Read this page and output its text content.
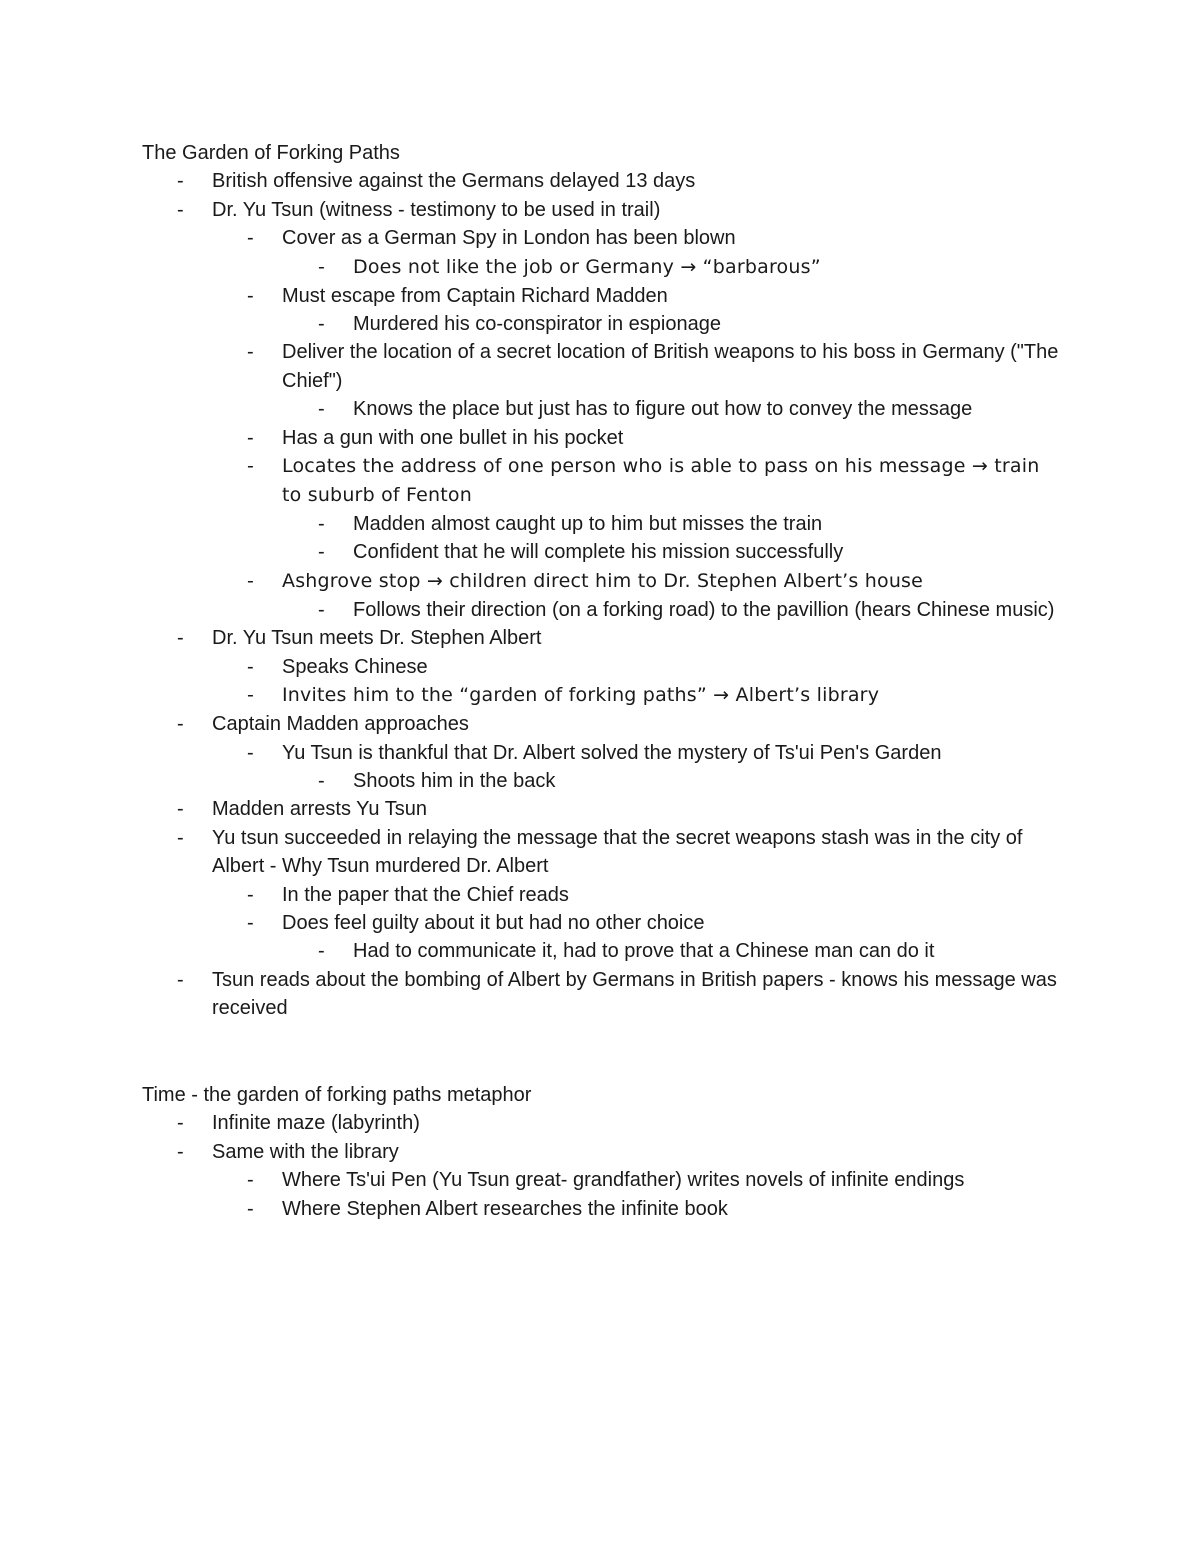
The Garden of Forking Paths
- British offensive against the Germans delayed 13 days
- Dr. Yu Tsun (witness - testimony to be used in trail)
- Cover as a German Spy in London has been blown
- Does not like the job or Germany → “barbarous”
- Must escape from Captain Richard Madden
- Murdered his co-conspirator in espionage
- Deliver the location of a secret location of British weapons to his boss in Germany ("The Chief")
- Knows the place but just has to figure out how to convey the message
- Has a gun with one bullet in his pocket
- Locates the address of one person who is able to pass on his message → train to suburb of Fenton
- Madden almost caught up to him but misses the train
- Confident that he will complete his mission successfully
- Ashgrove stop → children direct him to Dr. Stephen Albert’s house
- Follows their direction (on a forking road) to the pavillion (hears Chinese music)
- Dr. Yu Tsun meets Dr. Stephen Albert
- Speaks Chinese
- Invites him to the “garden of forking paths” → Albert’s library
- Captain Madden approaches
- Yu Tsun is thankful that Dr. Albert solved the mystery of Ts'ui Pen's Garden
- Shoots him in the back
- Madden arrests Yu Tsun
- Yu tsun succeeded in relaying the message that the secret weapons stash was in the city of Albert - Why Tsun murdered Dr. Albert
- In the paper that the Chief reads
- Does feel guilty about it but had no other choice
- Had to communicate it, had to prove that a Chinese man can do it
- Tsun reads about the bombing of Albert by Germans in British papers - knows his message was received
Time - the garden of forking paths metaphor
- Infinite maze (labyrinth)
- Same with the library
- Where Ts'ui Pen (Yu Tsun great- grandfather) writes novels of infinite endings
- Where Stephen Albert researches the infinite book
